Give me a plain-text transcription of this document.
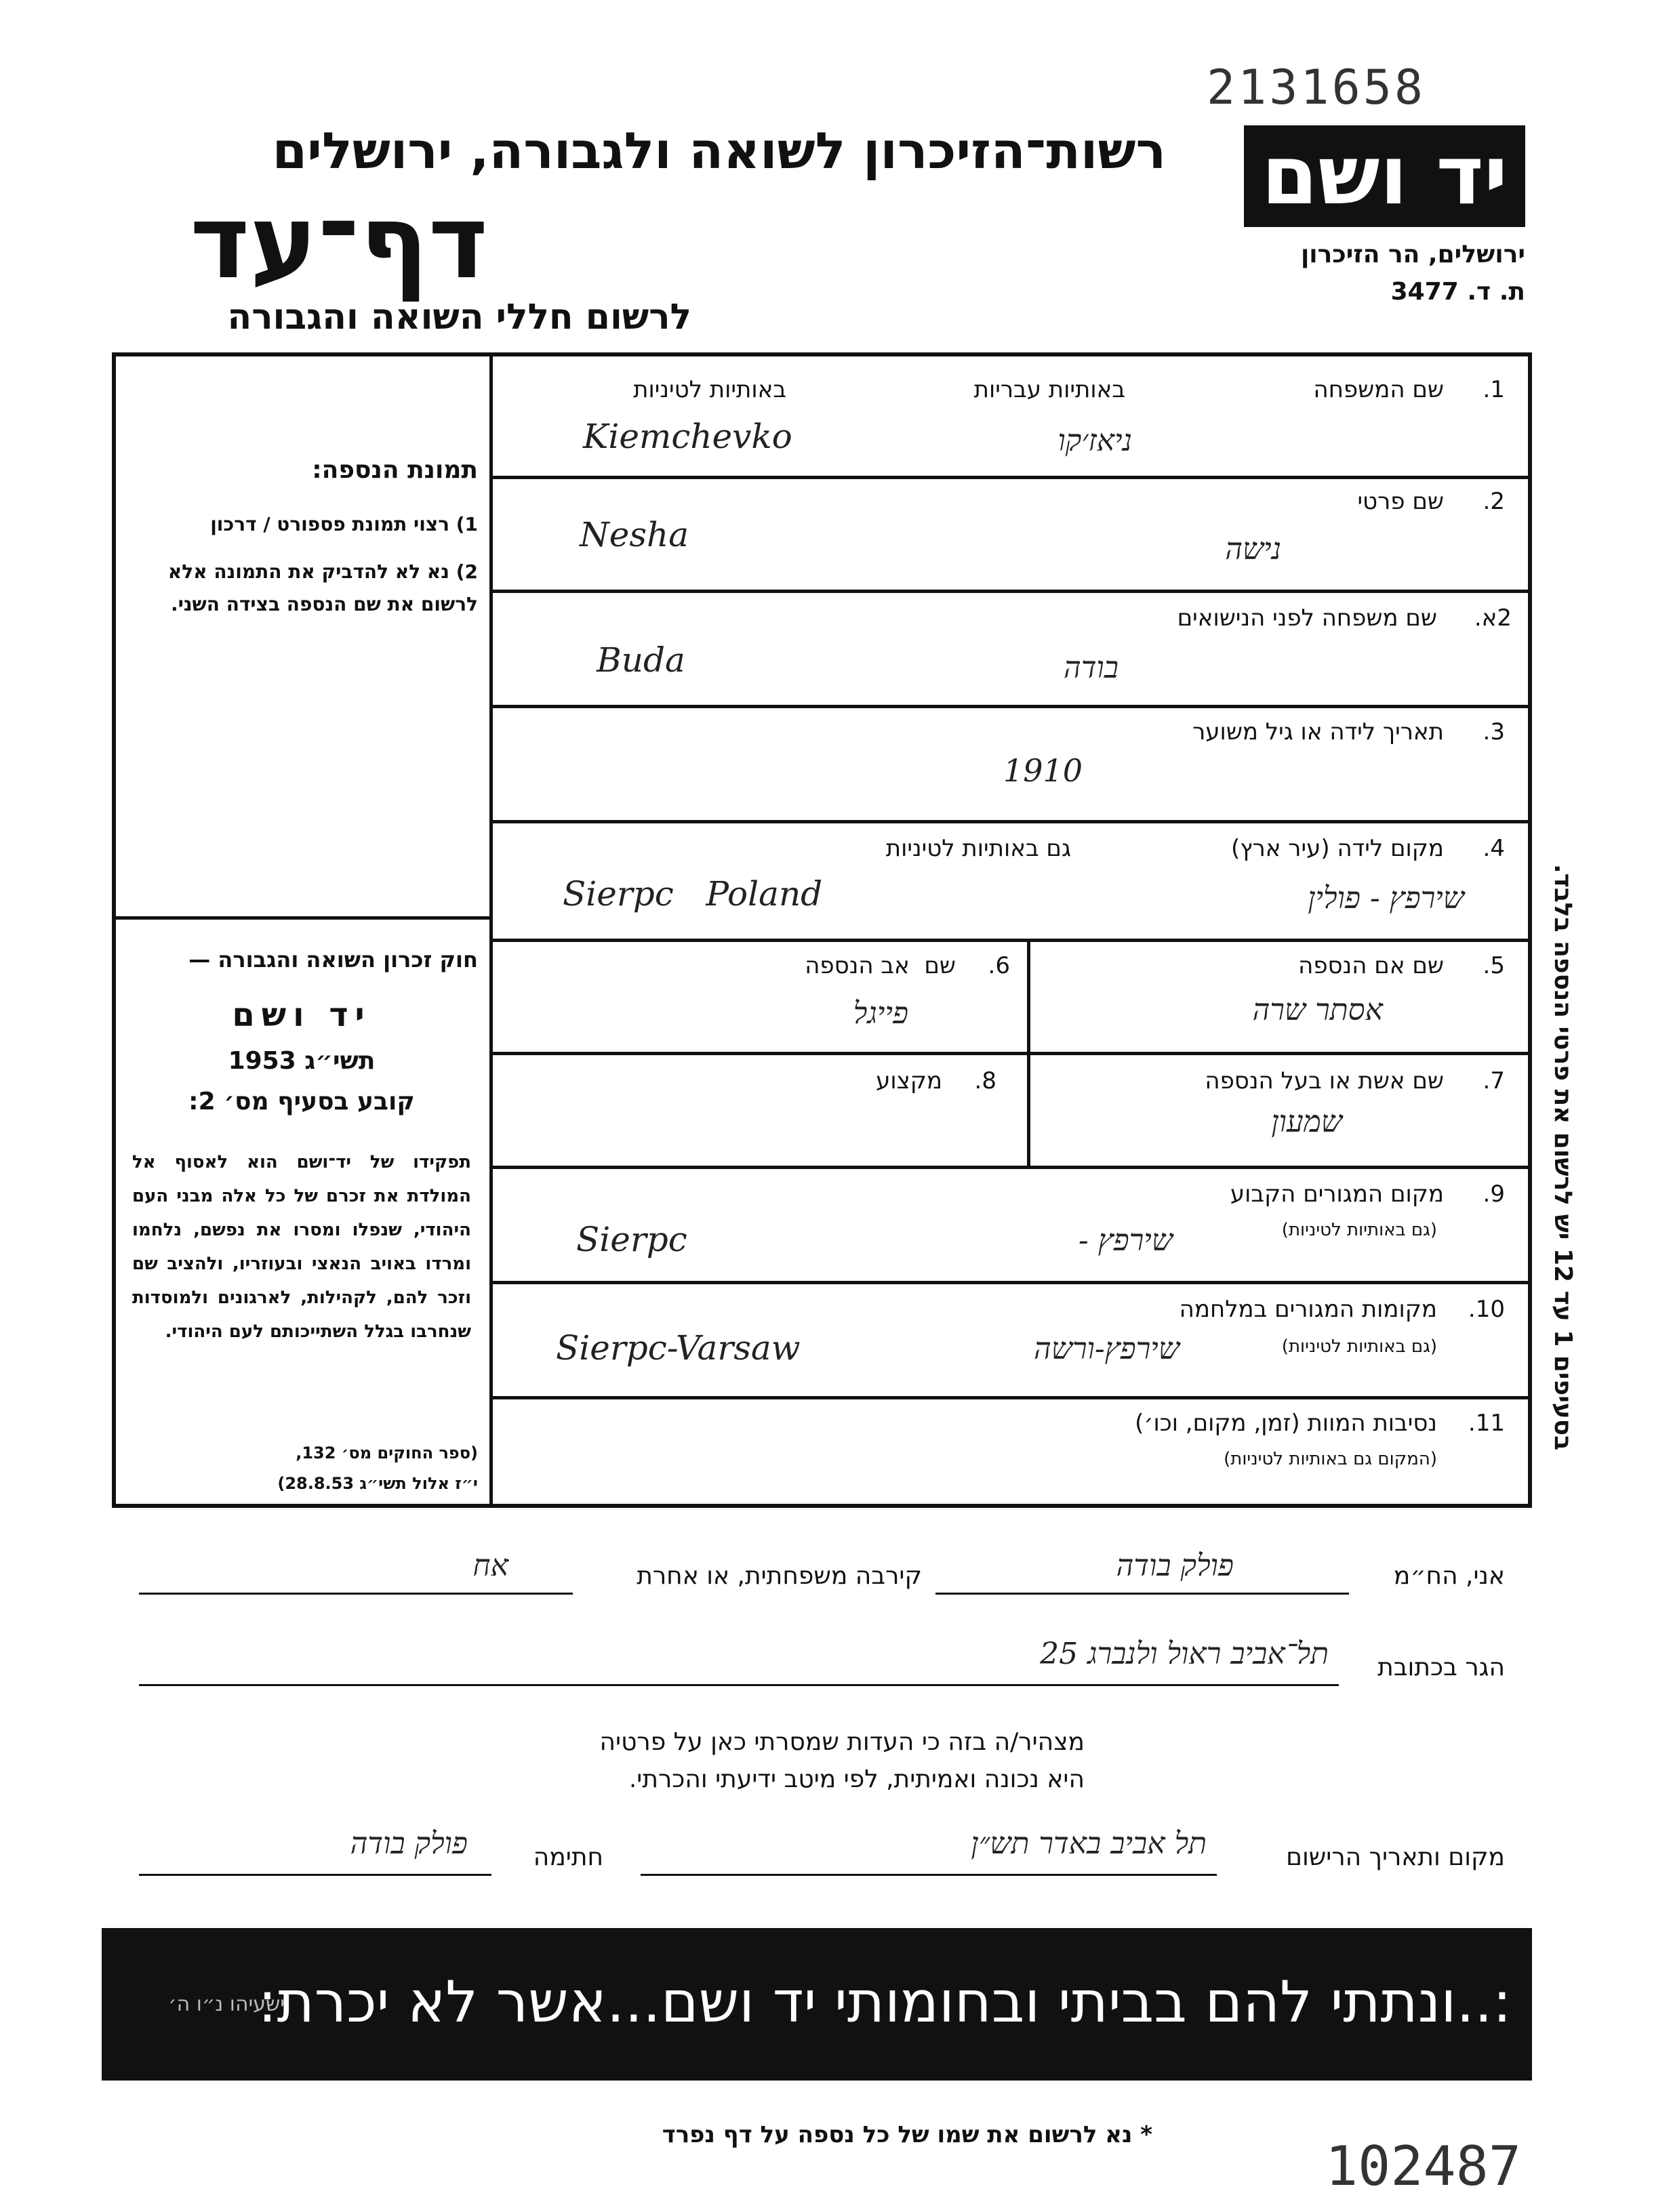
2131658
יד ושם
ירושלים, הר הזיכרון
ת. ד. 3477
רשות־הזיכרון לשואה ולגבורה, ירושלים
דף־עד
לרשום חללי השואה והגבורה
תמונת הנספה:
1) רצוי תמונת פספורט / דרכון
2) נא לא להדביק את התמונה אלא לרשום את שם הנספה בצידה השני.
חוק זכרון השואה והגבורה —
יד ושם
תשי״ג 1953
קובע בסעיף מס׳ 2:
תפקידו של יד־ושם הוא לאסוף אל המולדת את זכרם של כל אלה מבני העם היהודי, שנפלו ומסרו את נפשם, נלחמו ומרדו באויב הנאצי ובעוזריו, ולהציב שם וזכר להם, לקהילות, לארגונים ולמוסדות שנחרבו בגלל השתייכותם לעם היהודי.
(ספר החוקים מס׳ 132,
י״ז אלול תשי״ג 28.8.53)
בסעיפים 1 עד 12 יש לרשום את פרטי הנספה בלבד.
1.
שם המשפחה
באותיות עבריות
באותיות לטיניות
Kiemchevko	ניאז׳קו
2.
שם פרטי
Nesha	נישה
2א.
שם משפחה לפני הנישואים
Buda	בודה
3.
תאריך לידה או גיל משוער
1910
4.
מקום לידה (עיר ארץ)
גם באותיות לטיניות
Sierpc   Poland	שירפץ - פולין
5.
שם אם הנספה
אסתר שרה
6.
שם  אב הנספה
פייגל
7.
שם אשת או בעל הנספה
שמעון
8.
מקצוע
9.
מקום המגורים הקבוע
(גם באותיות לטיניות)
Sierpc	שירפץ -
10.
מקומות המגורים במלחמה
(גם באותיות לטיניות)
Sierpc-Varsaw	שירפץ-ורשה
11.
נסיבות המוות (זמן, מקום, וכו׳)
(המקום גם באותיות לטיניות)
אני, הח״מ
פולק בודה
קירבה משפחתית, או אחרת
אח
הגר בכתובת
תל־אביב ראול ולנברג 25
מצהיר/ה בזה כי העדות שמסרתי כאן על פרטיה
היא נכונה ואמיתית, לפי מיטב ידיעתי והכרתי.
מקום ותאריך הרישום
תל אביב באדר תש״ן
חתימה
פולק בודה
:..ונתתי להם בביתי ובחומותי יד ושם...אשר לא יכרת:
ישעיהו נ״ו ה׳
* נא לרשום את שמו של כל נספה על דף נפרד	102487
